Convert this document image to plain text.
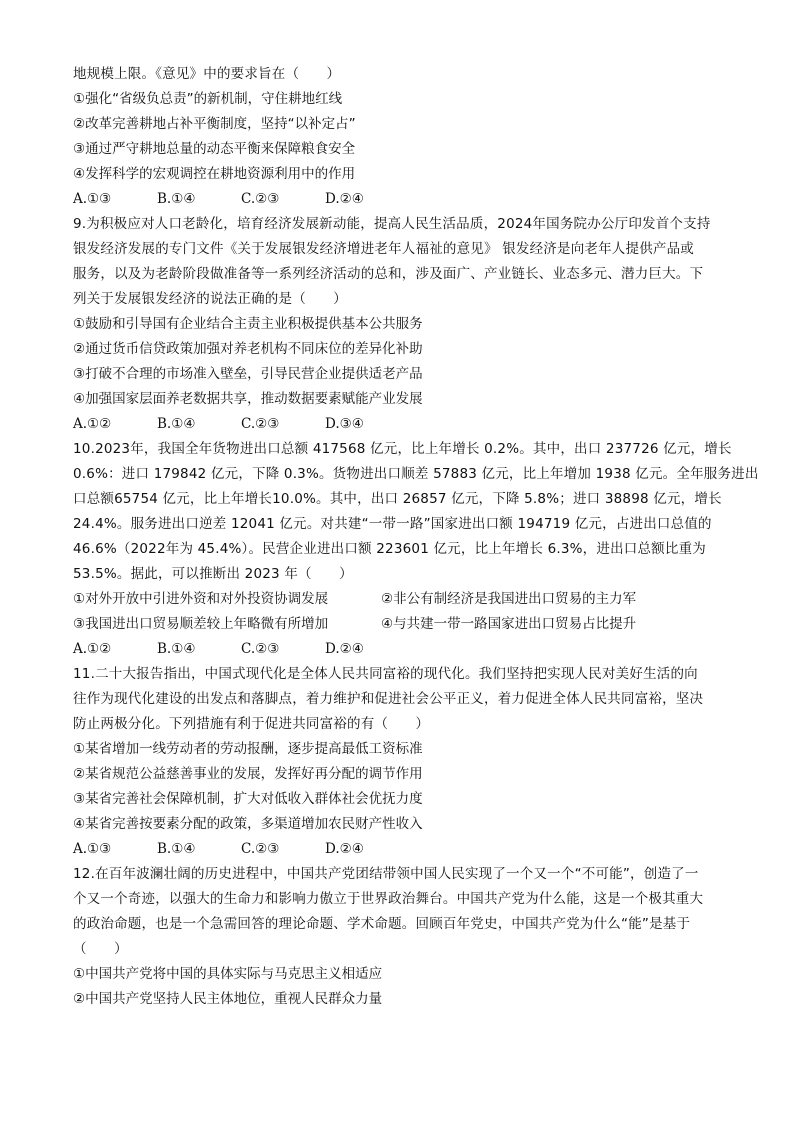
地规模上限。《意见》中的要求旨在（　　）
①强化“省级负总责”的新机制，守住耕地红线
②改革完善耕地占补平衡制度，坚持“以补定占”
③通过严守耕地总量的动态平衡来保障粮食安全
④发挥科学的宏观调控在耕地资源利用中的作用
A.①③	B.①④	C.②③	D.②④
9.为积极应对人口老龄化，培育经济发展新动能，提高人民生活品质，2024年国务院办公厅印发首个支持
银发经济发展的专门文件《关于发展银发经济增进老年人福祉的意见》 银发经济是向老年人提供产品或
服务，以及为老龄阶段做准备等一系列经济活动的总和，涉及面广、产业链长、业态多元、潜力巨大。下
列关于发展银发经济的说法正确的是（　　）
①鼓励和引导国有企业结合主责主业积极提供基本公共服务
②通过货币信贷政策加强对养老机构不同床位的差异化补助
③打破不合理的市场准入壁垒，引导民营企业提供适老产品
④加强国家层面养老数据共享，推动数据要素赋能产业发展
A.①②	B.①④	C.②③	D.③④
10.2023年，我国全年货物进出口总额 417568 亿元，比上年增长 0.2%。其中，出口 237726 亿元，增长
0.6%：进口 179842 亿元，下降 0.3%。货物进出口顺差 57883 亿元，比上年增加 1938 亿元。全年服务进出
口总额65754 亿元，比上年增长10.0%。其中，出口 26857 亿元，下降 5.8%；进口 38898 亿元，增长
24.4%。服务进出口逆差 12041 亿元。对共建“一带一路”国家进出口额 194719 亿元，占进出口总值的
46.6%（2022年为 45.4%）。民营企业进出口额 223601 亿元，比上年增长 6.3%，进出口总额比重为
53.5%。据此，可以推断出 2023 年（　　）
①对外开放中引进外资和对外投资协调发展	②非公有制经济是我国进出口贸易的主力军
③我国进出口贸易顺差较上年略微有所增加	④与共建一带一路国家进出口贸易占比提升
A.①②	B.①④	C.②③	D.②④
11.二十大报告指出，中国式现代化是全体人民共同富裕的现代化。我们坚持把实现人民对美好生活的向
往作为现代化建设的出发点和落脚点，着力维护和促进社会公平正义，着力促进全体人民共同富裕，坚决
防止两极分化。下列措施有利于促进共同富裕的有（　　）
①某省增加一线劳动者的劳动报酬，逐步提高最低工资标准
②某省规范公益慈善事业的发展，发挥好再分配的调节作用
③某省完善社会保障机制，扩大对低收入群体社会优抚力度
④某省完善按要素分配的政策，多渠道增加农民财产性收入
A.①③	B.①④	C.②③	D.②④
12.在百年波澜壮阔的历史进程中，中国共产党团结带领中国人民实现了一个又一个“不可能”，创造了一
个又一个奇迹，以强大的生命力和影响力傲立于世界政治舞台。中国共产党为什么能，这是一个极其重大
的政治命题，也是一个急需回答的理论命题、学术命题。回顾百年党史，中国共产党为什么“能”是基于
（　　）
①中国共产党将中国的具体实际与马克思主义相适应
②中国共产党坚持人民主体地位，重视人民群众力量
